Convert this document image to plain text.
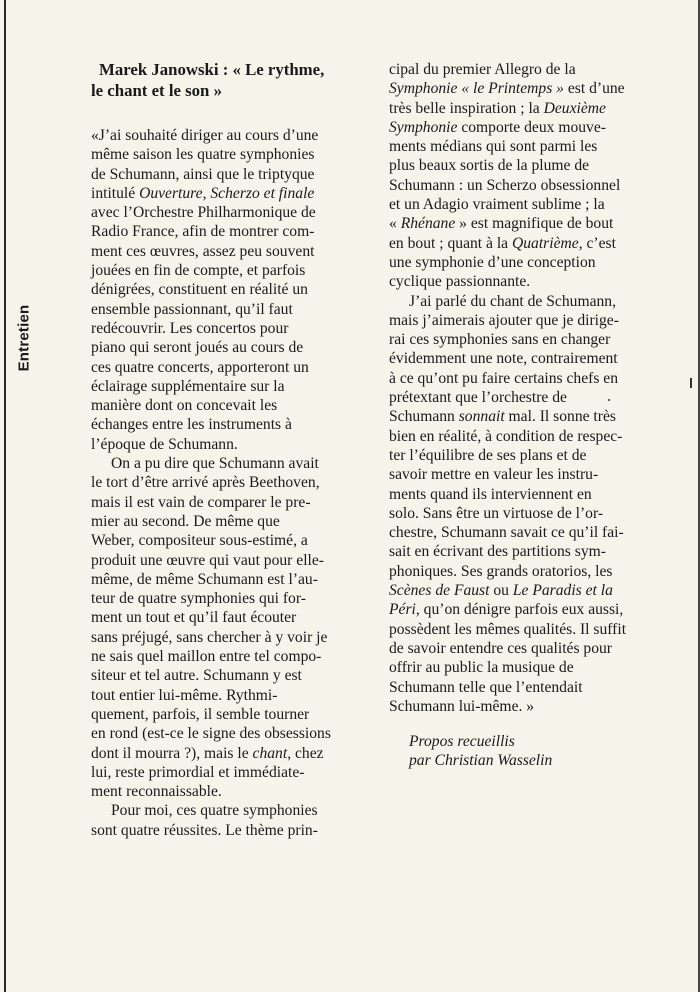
Entretien
Marek Janowski : « Le rythme,
le chant et le son »
«J’ai souhaité diriger au cours d’une
même saison les quatre symphonies
de Schumann, ainsi que le triptyque
intitulé Ouverture, Scherzo et finale
avec l’Orchestre Philharmonique de
Radio France, afin de montrer com-
ment ces œuvres, assez peu souvent
jouées en fin de compte, et parfois
dénigrées, constituent en réalité un
ensemble passionnant, qu’il faut
redécouvrir. Les concertos pour
piano qui seront joués au cours de
ces quatre concerts, apporteront un
éclairage supplémentaire sur la
manière dont on concevait les
échanges entre les instruments à
l’époque de Schumann.
On a pu dire que Schumann avait
le tort d’être arrivé après Beethoven,
mais il est vain de comparer le pre-
mier au second. De même que
Weber, compositeur sous-estimé, a
produit une œuvre qui vaut pour elle-
même, de même Schumann est l’au-
teur de quatre symphonies qui for-
ment un tout et qu’il faut écouter
sans préjugé, sans chercher à y voir je
ne sais quel maillon entre tel compo-
siteur et tel autre. Schumann y est
tout entier lui-même. Rythmi-
quement, parfois, il semble tourner
en rond (est-ce le signe des obsessions
dont il mourra ?), mais le chant, chez
lui, reste primordial et immédiate-
ment reconnaissable.
Pour moi, ces quatre symphonies
sont quatre réussites. Le thème prin-
cipal du premier Allegro de la
Symphonie « le Printemps » est d’une
très belle inspiration ; la Deuxième
Symphonie comporte deux mouve-
ments médians qui sont parmi les
plus beaux sortis de la plume de
Schumann : un Scherzo obsessionnel
et un Adagio vraiment sublime ; la
« Rhénane » est magnifique de bout
en bout ; quant à la Quatrième, c’est
une symphonie d’une conception
cyclique passionnante.
J’ai parlé du chant de Schumann,
mais j’aimerais ajouter que je dirige-
rai ces symphonies sans en changer
évidemment une note, contrairement
à ce qu’ont pu faire certains chefs en
prétextant que l’orchestre de
Schumann sonnait mal. Il sonne très
bien en réalité, à condition de respec-
ter l’équilibre de ses plans et de
savoir mettre en valeur les instru-
ments quand ils interviennent en
solo. Sans être un virtuose de l’or-
chestre, Schumann savait ce qu’il fai-
sait en écrivant des partitions sym-
phoniques. Ses grands oratorios, les
Scènes de Faust ou Le Paradis et la
Péri, qu’on dénigre parfois eux aussi,
possèdent les mêmes qualités. Il suffit
de savoir entendre ces qualités pour
offrir au public la musique de
Schumann telle que l’entendait
Schumann lui-même. »
Propos recueillis
par Christian Wasselin
